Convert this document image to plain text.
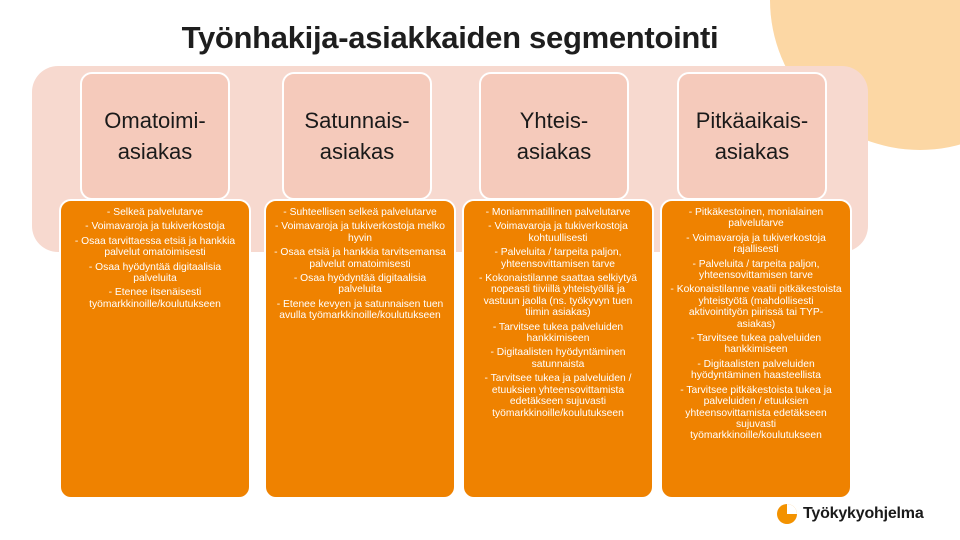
Työnhakija-asiakkaiden segmentointi
Omatoimi-
asiakas
- Selkeä palvelutarve
- Voimavaroja ja tukiverkostoja
- Osaa tarvittaessa etsiä ja hankkia palvelut omatoimisesti
- Osaa hyödyntää digitaalisia palveluita
- Etenee itsenäisesti työmarkkinoille/koulutukseen
Satunnais-
asiakas
- Suhteellisen selkeä palvelutarve
- Voimavaroja ja tukiverkostoja melko hyvin
- Osaa etsiä ja hankkia tarvitsemansa palvelut omatoimisesti
- Osaa hyödyntää digitaalisia palveluita
- Etenee kevyen ja satunnaisen tuen avulla työmarkkinoille/koulutukseen
Yhteis-
asiakas
- Moniammatillinen palvelutarve
- Voimavaroja ja tukiverkostoja kohtuullisesti
- Palveluita / tarpeita paljon, yhteensovittamisen tarve
- Kokonaistilanne saattaa selkiytyä nopeasti tiiviillä yhteistyöllä ja vastuun jaolla (ns. työkyvyn tuen tiimin asiakas)
- Tarvitsee tukea palveluiden hankkimiseen
- Digitaalisten hyödyntäminen satunnaista
- Tarvitsee tukea ja palveluiden / etuuksien yhteensovittamista edetäkseen sujuvasti työmarkkinoille/koulutukseen
Pitkäaikais-
asiakas
- Pitkäkestoinen, monialainen palvelutarve
- Voimavaroja ja tukiverkostoja rajallisesti
- Palveluita / tarpeita paljon, yhteensovittamisen tarve
- Kokonaistilanne vaatii pitkäkestoista yhteistyötä (mahdollisesti aktivointityön piirissä tai TYP-asiakas)
- Tarvitsee tukea palveluiden hankkimiseen
- Digitaalisten palveluiden hyödyntäminen haasteellista
- Tarvitsee pitkäkestoista tukea ja palveluiden / etuuksien yhteensovittamista edetäkseen sujuvasti työmarkkinoille/koulutukseen
Työkykyohjelma
